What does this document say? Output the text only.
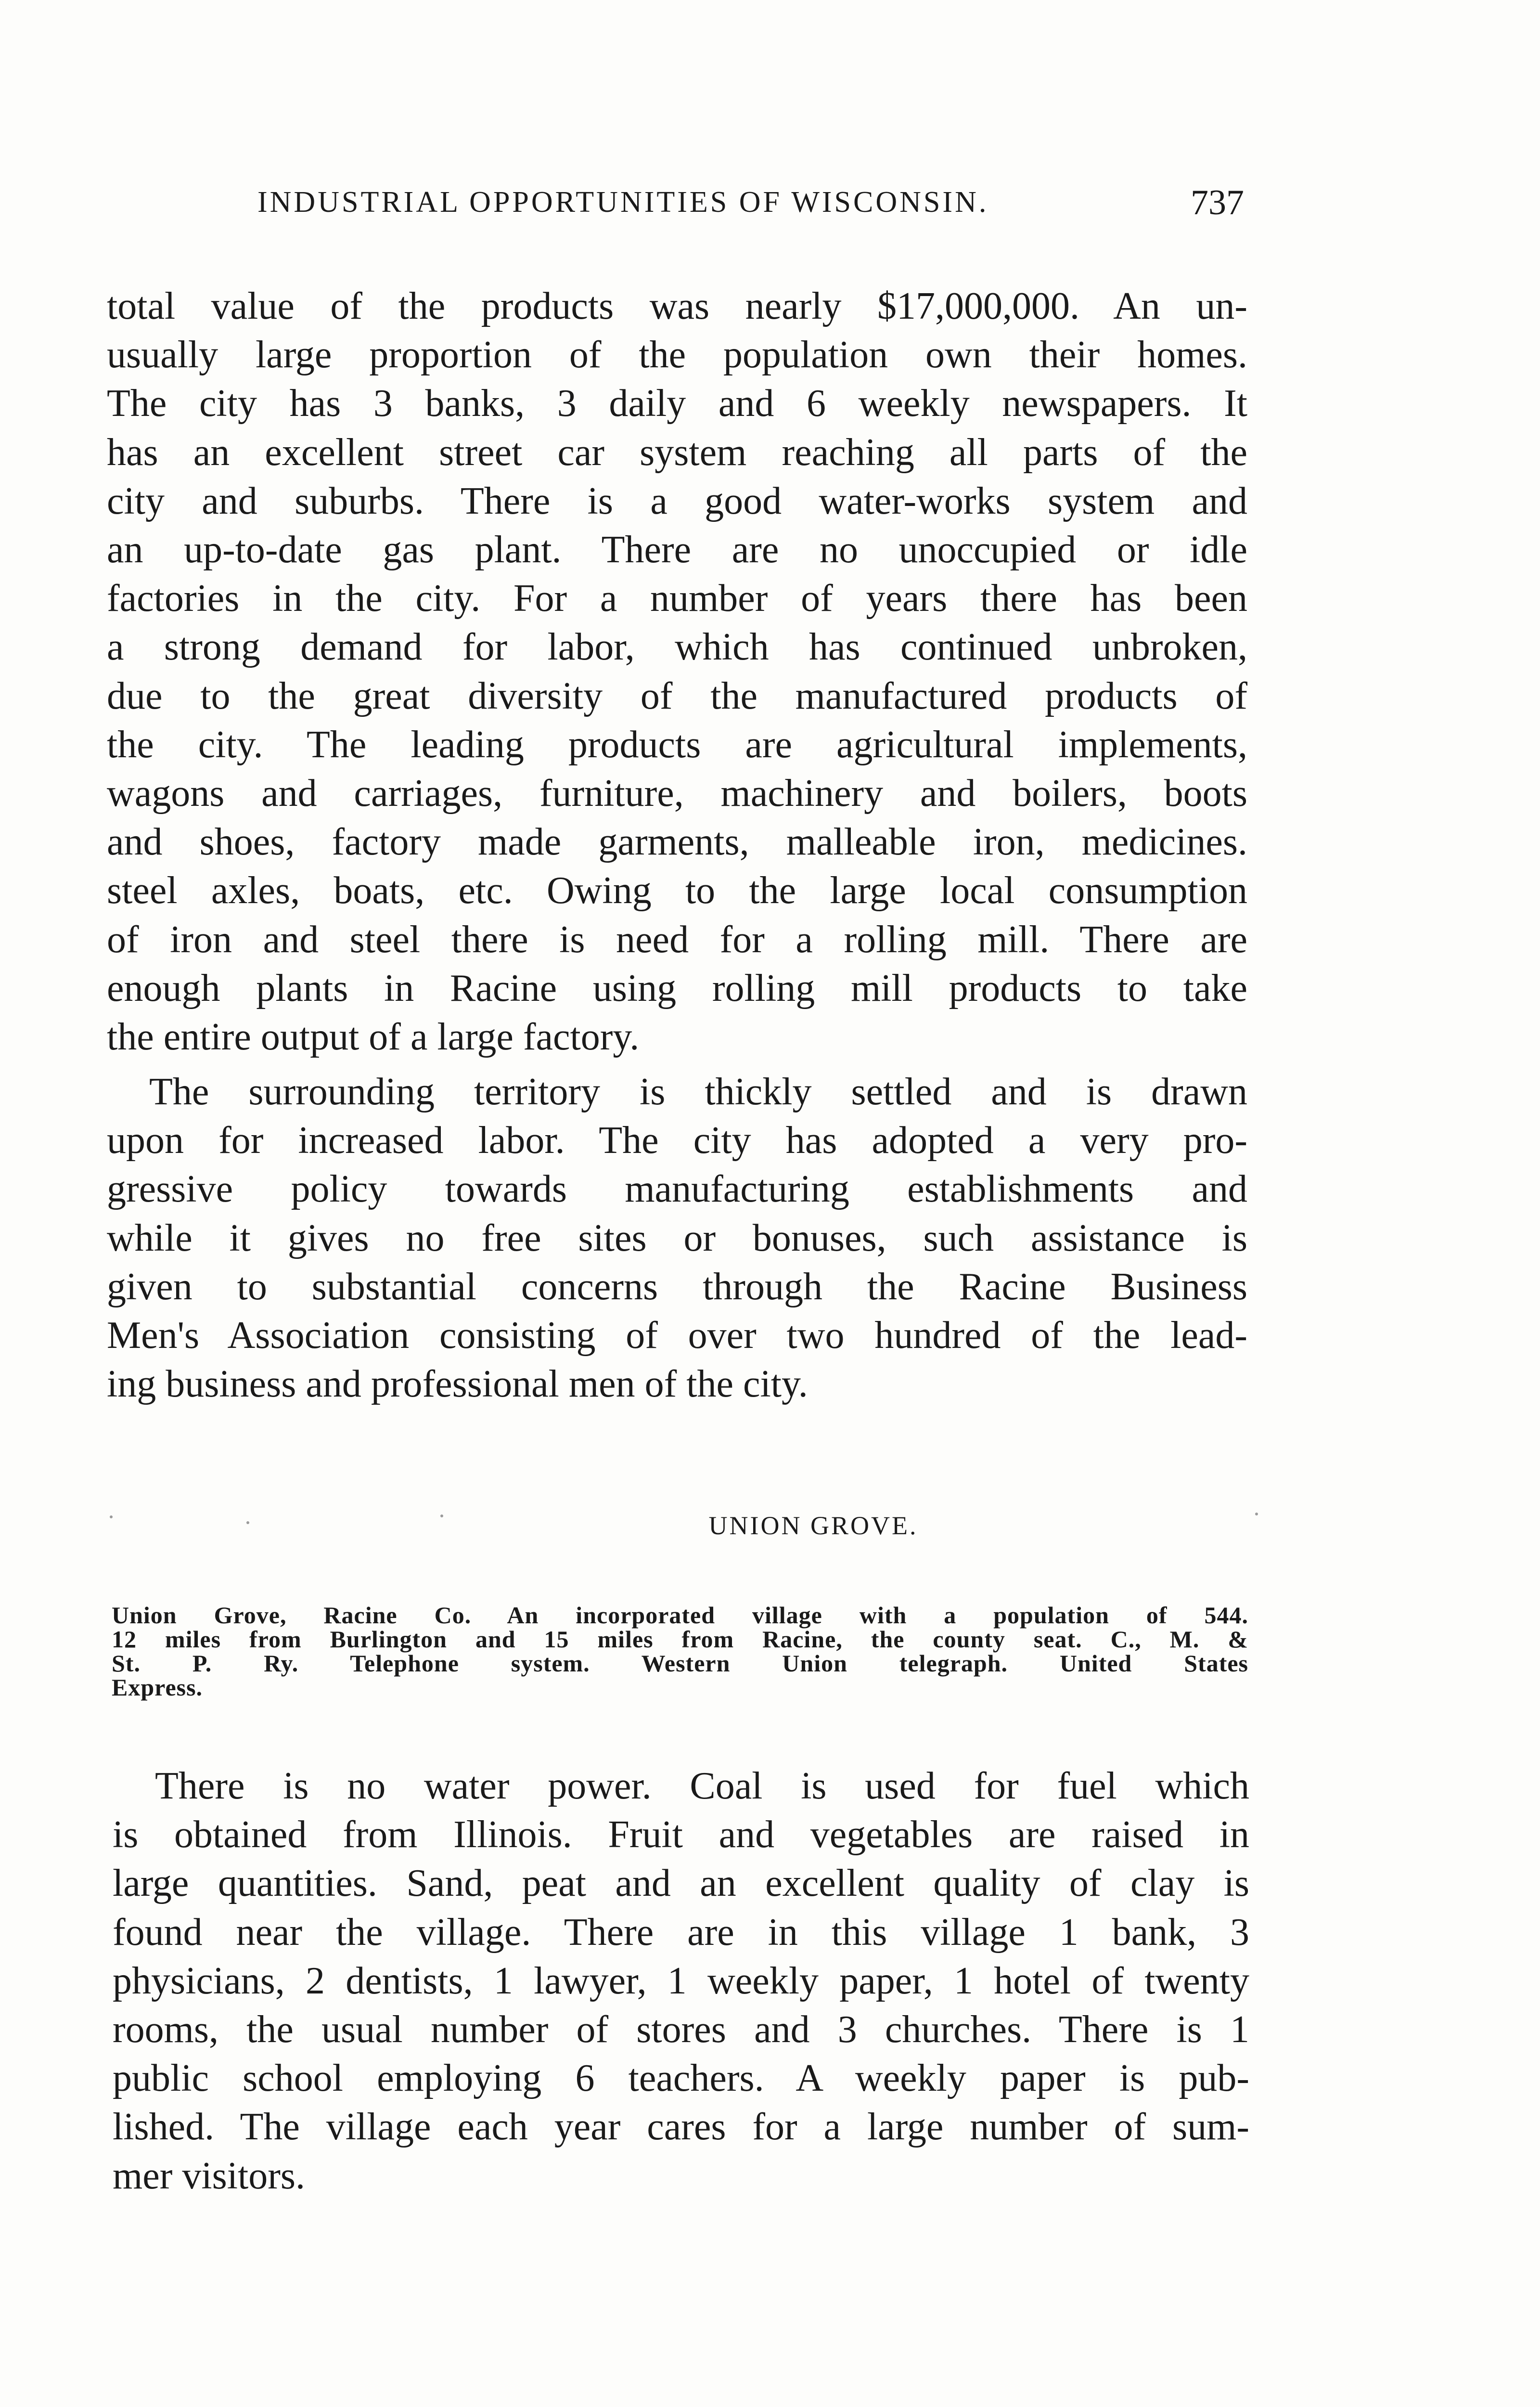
INDUSTRIAL OPPORTUNITIES OF WISCONSIN.	737

total value of the products was nearly $17,000,000. An un-
usually large proportion of the population own their homes.
The city has 3 banks, 3 daily and 6 weekly newspapers. It
has an excellent street car system reaching all parts of the
city and suburbs. There is a good water-works system and
an up-to-date gas plant. There are no unoccupied or idle
factories in the city. For a number of years there has been
a strong demand for labor, which has continued unbroken,
due to the great diversity of the manufactured products of
the city. The leading products are agricultural implements,
wagons and carriages, furniture, machinery and boilers, boots
and shoes, factory made garments, malleable iron, medicines.
steel axles, boats, etc. Owing to the large local consumption
of iron and steel there is need for a rolling mill. There are
enough plants in Racine using rolling mill products to take
the entire output of a large factory.

The surrounding territory is thickly settled and is drawn
upon for increased labor. The city has adopted a very pro-
gressive policy towards manufacturing establishments and
while it gives no free sites or bonuses, such assistance is
given to substantial concerns through the Racine Business
Men's Association consisting of over two hundred of the lead-
ing business and professional men of the city.

UNION GROVE.
Union Grove, Racine Co. An incorporated village with a population of 544.
12 miles from Burlington and 15 miles from Racine, the county seat. C., M. &
St. P. Ry. Telephone system. Western Union telegraph. United States
Express.

There is no water power. Coal is used for fuel which
is obtained from Illinois. Fruit and vegetables are raised in
large quantities. Sand, peat and an excellent quality of clay is
found near the village. There are in this village 1 bank, 3
physicians, 2 dentists, 1 lawyer, 1 weekly paper, 1 hotel of twenty
rooms, the usual number of stores and 3 churches. There is 1
public school employing 6 teachers. A weekly paper is pub-
lished. The village each year cares for a large number of sum-
mer visitors.
